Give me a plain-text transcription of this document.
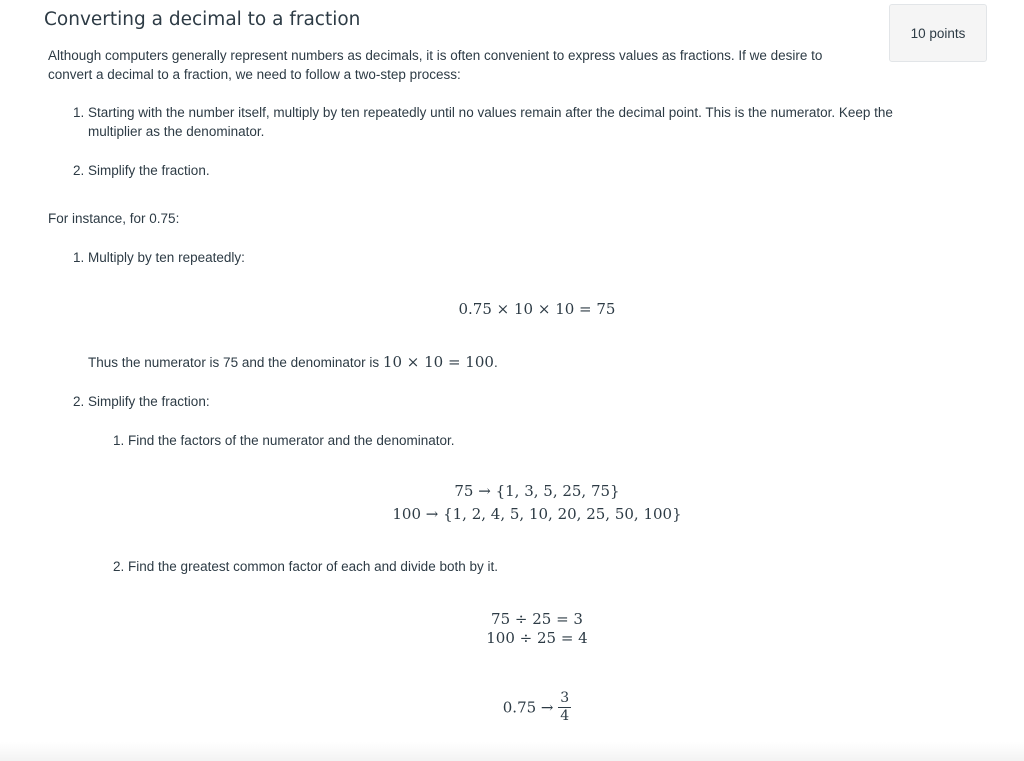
Converting a decimal to a fraction
10 points

Although computers generally represent numbers as decimals, it is often convenient to express values as fractions. If we desire to convert a decimal to a fraction, we need to follow a two-step process:

1. Starting with the number itself, multiply by ten repeatedly until no values remain after the decimal point. This is the numerator. Keep the multiplier as the denominator.
2. Simplify the fraction.

For instance, for 0.75:

1. Multiply by ten repeatedly:
0.75 × 10 × 10 = 75
Thus the numerator is 75 and the denominator is 10 × 10 = 100.
2. Simplify the fraction:
1. Find the factors of the numerator and the denominator.
75 → {1, 3, 5, 25, 75}
100 → {1, 2, 4, 5, 10, 20, 25, 50, 100}
2. Find the greatest common factor of each and divide both by it.
75 ÷ 25 = 3
100 ÷ 25 = 4
$0.75 \to \frac{3}{4}$
